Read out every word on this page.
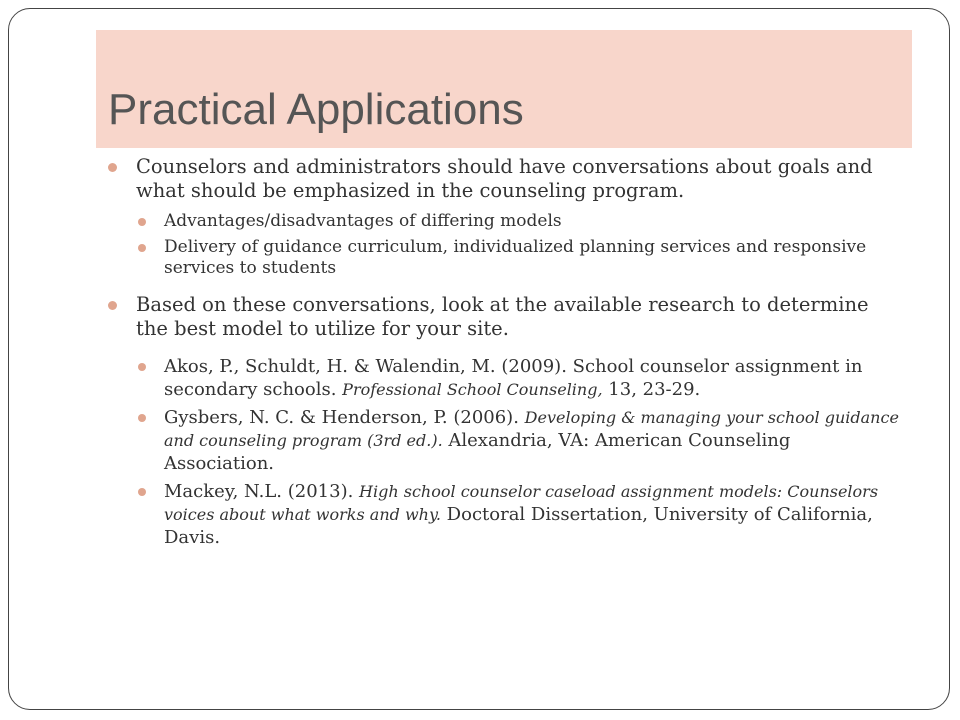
Practical Applications
Counselors and administrators should have conversations about goals and what should be emphasized in the counseling program.
Advantages/disadvantages of differing models
Delivery of guidance curriculum, individualized planning services and responsive services to students
Based on these conversations, look at the available research to determine the best model to utilize for your site.
Akos, P., Schuldt, H. & Walendin, M. (2009). School counselor assignment in secondary schools. Professional School Counseling, 13, 23-29.
Gysbers, N. C. & Henderson, P. (2006). Developing & managing your school guidance and counseling program (3rd ed.). Alexandria, VA: American Counseling Association.
Mackey, N.L. (2013). High school counselor caseload assignment models: Counselors voices about what works and why. Doctoral Dissertation, University of California, Davis.
